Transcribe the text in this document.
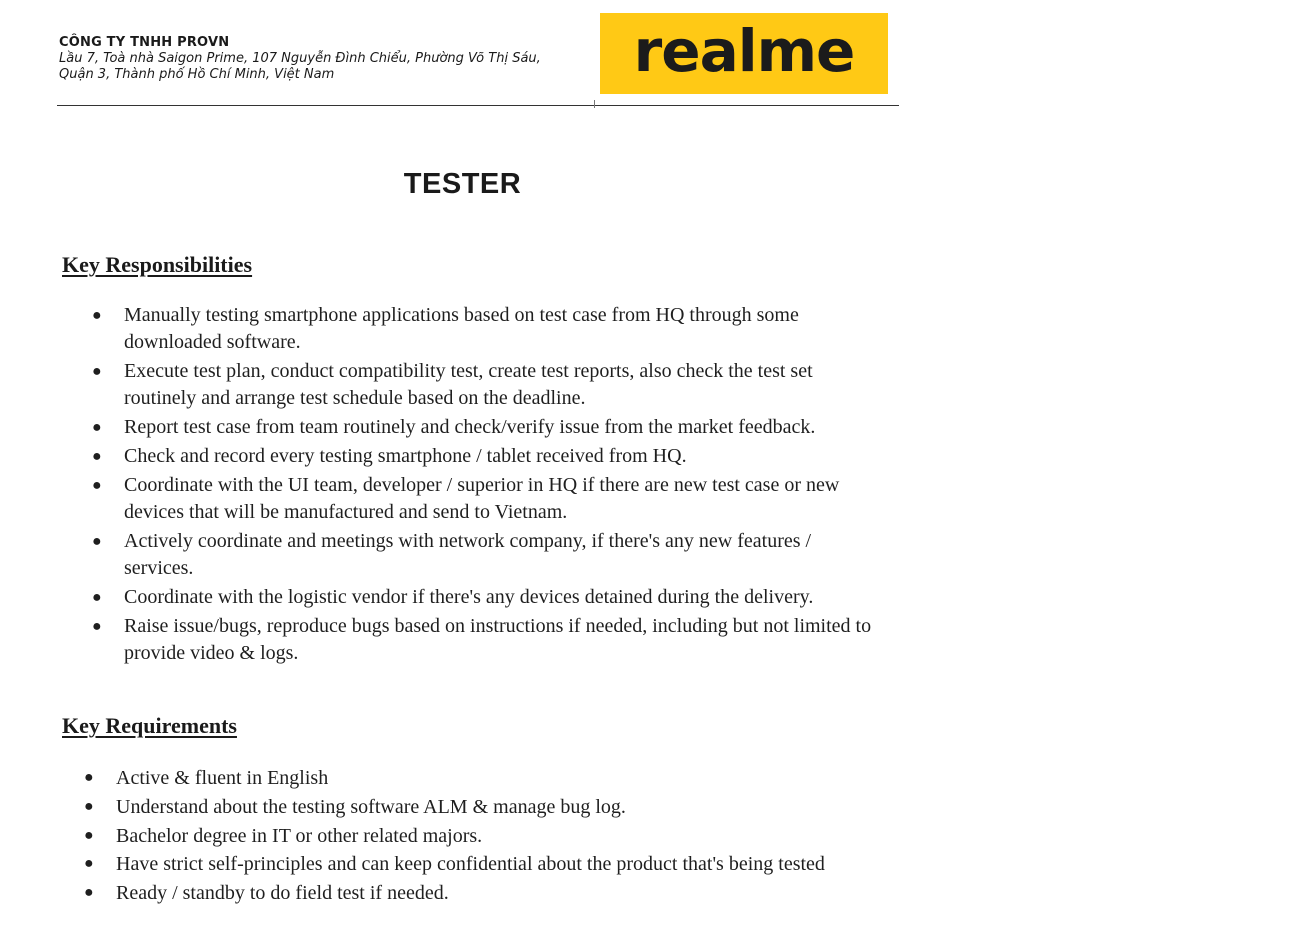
CÔNG TY TNHH PROVN
Lầu 7, Toà nhà Saigon Prime, 107 Nguyễn Đình Chiểu, Phường Võ Thị Sáu,
Quận 3, Thành phố Hồ Chí Minh, Việt Nam	realme
TESTER
Key Responsibilities
● Manually testing smartphone applications based on test case from HQ through some downloaded software.
● Execute test plan, conduct compatibility test, create test reports, also check the test set routinely and arrange test schedule based on the deadline.
● Report test case from team routinely and check/verify issue from the market feedback.
● Check and record every testing smartphone / tablet received from HQ.
● Coordinate with the UI team, developer / superior in HQ if there are new test case or new devices that will be manufactured and send to Vietnam.
● Actively coordinate and meetings with network company, if there's any new features / services.
● Coordinate with the logistic vendor if there's any devices detained during the delivery.
● Raise issue/bugs, reproduce bugs based on instructions if needed, including but not limited to provide video & logs.
Key Requirements
● Active & fluent in English
● Understand about the testing software ALM & manage bug log.
● Bachelor degree in IT or other related majors.
● Have strict self-principles and can keep confidential about the product that's being tested
● Ready / standby to do field test if needed.
